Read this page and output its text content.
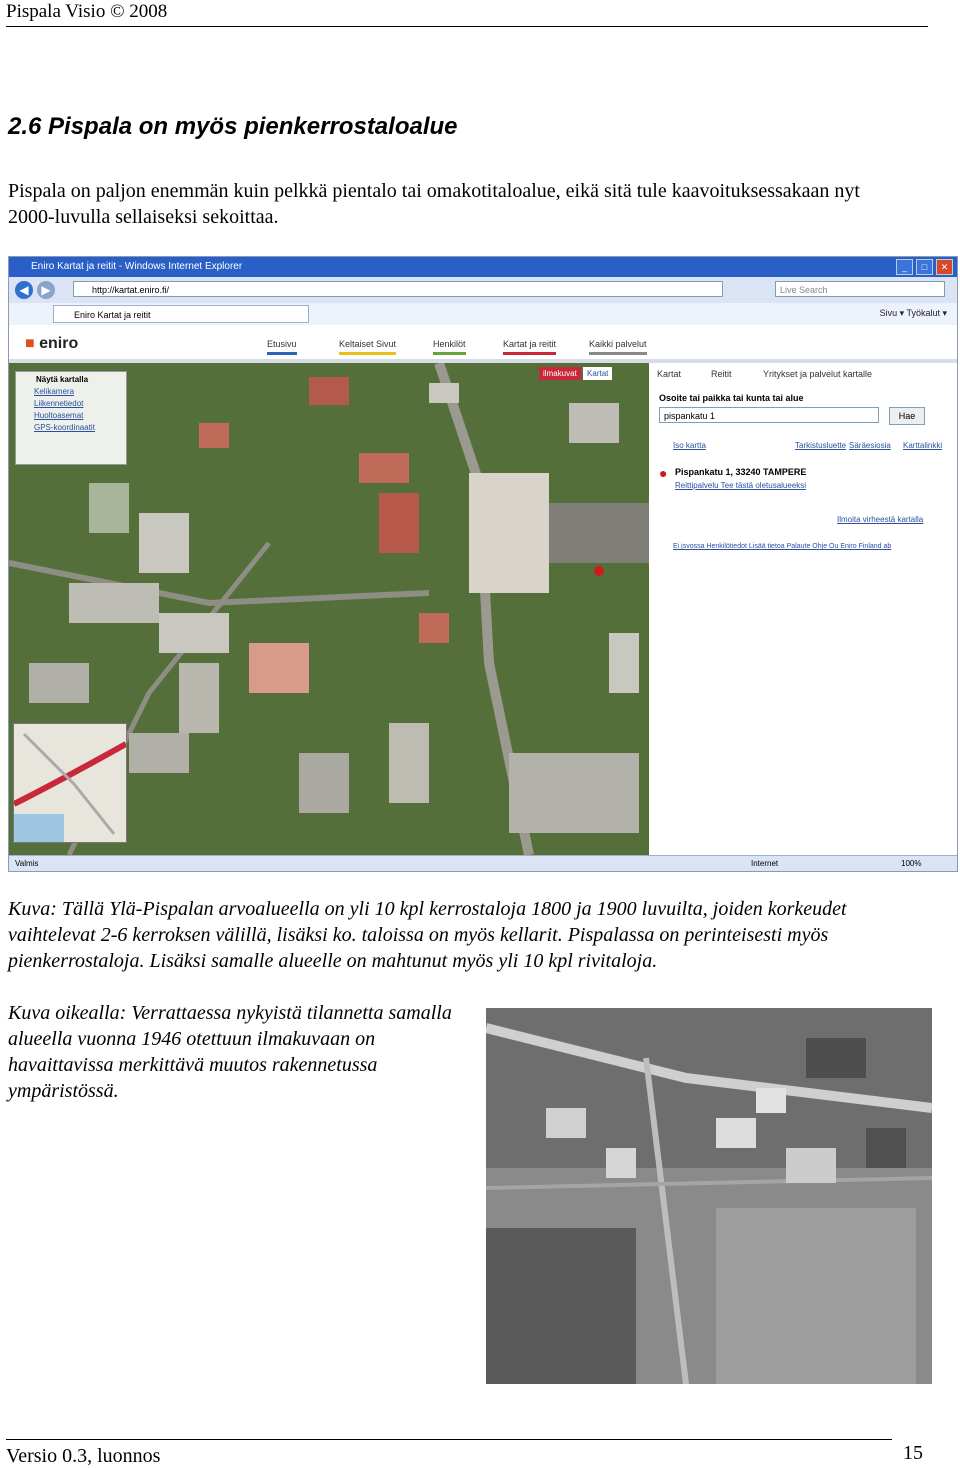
Pispala Visio © 2008
2.6 Pispala on myös pienkerrostaloalue

Pispala on paljon enemmän kuin pelkkä pientalo tai omakotitaloalue, eikä sitä tule kaavoituksessakaan nyt 2000-luvulla sellaiseksi sekoittaa.

Eniro Kartat ja reitit - Windows Internet Explorer	_	□	✕
◀	▶	http://kartat.eniro.fi/	Live Search
Eniro Kartat ja reitit	Sivu ▾ Työkalut ▾
■ eniro	Etusivu	Keltaiset Sivut	Henkilöt	Kartat ja reitit	Kaikki palvelut
Näytä kartalla
Kelikamera
Liikennetiedot
Huoltoasemat
GPS-koordinaatit
ilmakuvat Kartat	Kartat	Reitit	Yritykset ja palvelut kartalle
Osoite tai paikka tai kunta tai alue
pispankatu 1	Hae
Iso kartta	Tarkistusluette Säräesiosia Karttalinkki
● Pispankatu 1, 33240 TAMPERE
Reittipalvelu Tee tästä oletusalueeksi
Ilmoita virheestä kartalla
Ei jsvossa Henkilötiedot Lisää tietoa Palaute Ohje Ou Eniro Finland ab
Valmis	Internet	100%

Kuva: Tällä Ylä-Pispalan arvoalueella on yli 10 kpl kerrostaloja 1800 ja 1900 luvuilta, joiden korkeudet vaihtelevat 2-6 kerroksen välillä, lisäksi ko. taloissa on myös kellarit. Pispalassa on perinteisesti myös pienkerrostaloja. Lisäksi samalle alueelle on mahtunut myös yli 10 kpl rivitaloja.

Kuva oikealla: Verrattaessa nykyistä tilannetta samalla alueella vuonna 1946 otettuun ilmakuvaan on havaittavissa merkittävä muutos rakennetussa ympäristössä.

Versio 0.3, luonnos	15
